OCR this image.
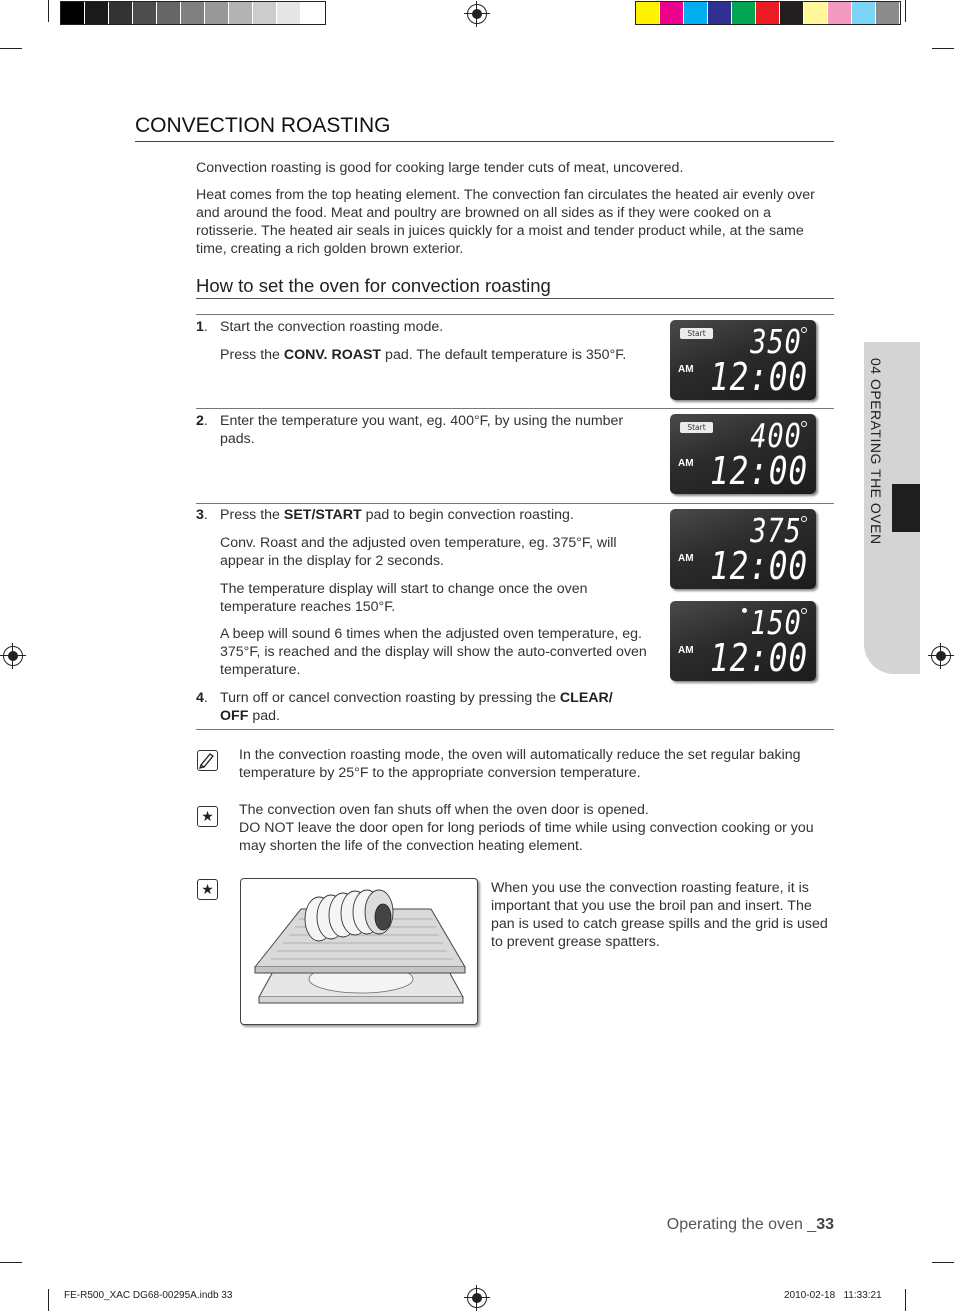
CONVECTION ROASTING

Convection roasting is good for cooking large tender cuts of meat, uncovered.

Heat comes from the top heating element. The convection fan circulates the heated air evenly over and around the food. Meat and poultry are browned on all sides as if they were cooked on a rotisserie. The heated air seals in juices quickly for a moist and tender product while, at the same time, creating a rich golden brown exterior.

How to set the oven for convection roasting

1. Start the convection roasting mode.

Press the CONV. ROAST pad. The default temperature is 350°F.

2. Enter the temperature you want, eg. 400°F, by using the number pads.

3. Press the SET/START pad to begin convection roasting.

Conv. Roast and the adjusted oven temperature, eg. 375°F, will appear in the display for 2 seconds.

The temperature display will start to change once the oven temperature reaches 150°F.

A beep will sound 6 times when the adjusted oven temperature, eg. 375°F, is reached and the display will show the auto-converted oven temperature.

4. Turn off or cancel convection roasting by pressing the CLEAR/ OFF pad.

Start 350
AM 12:00
Start 400
AM 12:00
375
AM 12:00
150
AM 12:00

In the convection roasting mode, the oven will automatically reduce the set regular baking temperature by 25°F to the appropriate conversion temperature.

★ The convection oven fan shuts off when the oven door is opened.

DO NOT leave the door open for long periods of time while using convection cooking or you may shorten the life of the convection heating element.

★	When you use the convection roasting feature, it is important that you use the broil pan and insert. The pan is used to catch grease spills and the grid is used to prevent grease spatters.

04 OPERATING THE OVEN
Operating the oven _33
FE-R500_XAC DG68-00295A.indb 33	2010-02-18   11:33:21
